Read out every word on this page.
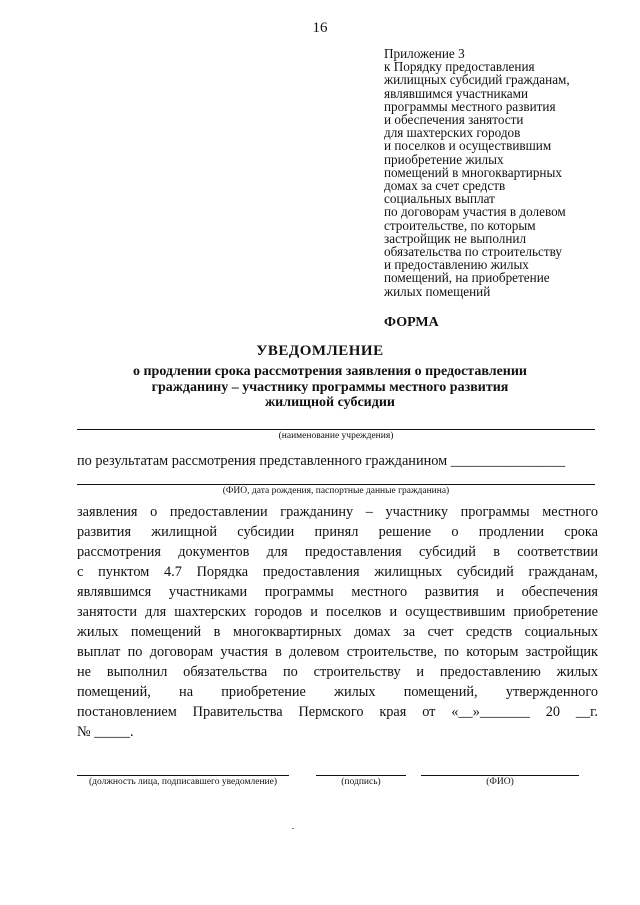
16
Приложение 3
к Порядку предоставления
жилищных субсидий гражданам,
являвшимся участниками
программы местного развития
и обеспечения занятости
для шахтерских городов
и поселков и осуществившим
приобретение жилых
помещений в многоквартирных
домах за счет средств
социальных выплат
по договорам участия в долевом
строительстве, по которым
застройщик не выполнил
обязательства по строительству
и предоставлению жилых
помещений, на приобретение
жилых помещений
ФОРМА
УВЕДОМЛЕНИЕ
о продлении срока рассмотрения заявления о предоставлении
гражданину – участнику программы местного развития
жилищной субсидии
(наименование учреждения)
по результатам рассмотрения представленного гражданином ________________
(ФИО, дата рождения, паспортные данные гражданина)
заявления о предоставлении гражданину – участнику программы местного
развития жилищной субсидии принял решение о продлении срока
рассмотрения документов для предоставления субсидий в соответствии
с пунктом 4.7 Порядка предоставления жилищных субсидий гражданам,
являвшимся участниками программы местного развития и обеспечения
занятости для шахтерских городов и поселков и осуществившим приобретение
жилых помещений в многоквартирных домах за счет средств социальных
выплат по договорам участия в долевом строительстве, по которым застройщик
не выполнил обязательства по строительству и предоставлению жилых
помещений, на приобретение жилых помещений, утвержденного
постановлением Правительства Пермского края от «__»_______ 20 __г.
№ _____.
(должность лица, подписавшего уведомление)	(подпись)	(ФИО)
